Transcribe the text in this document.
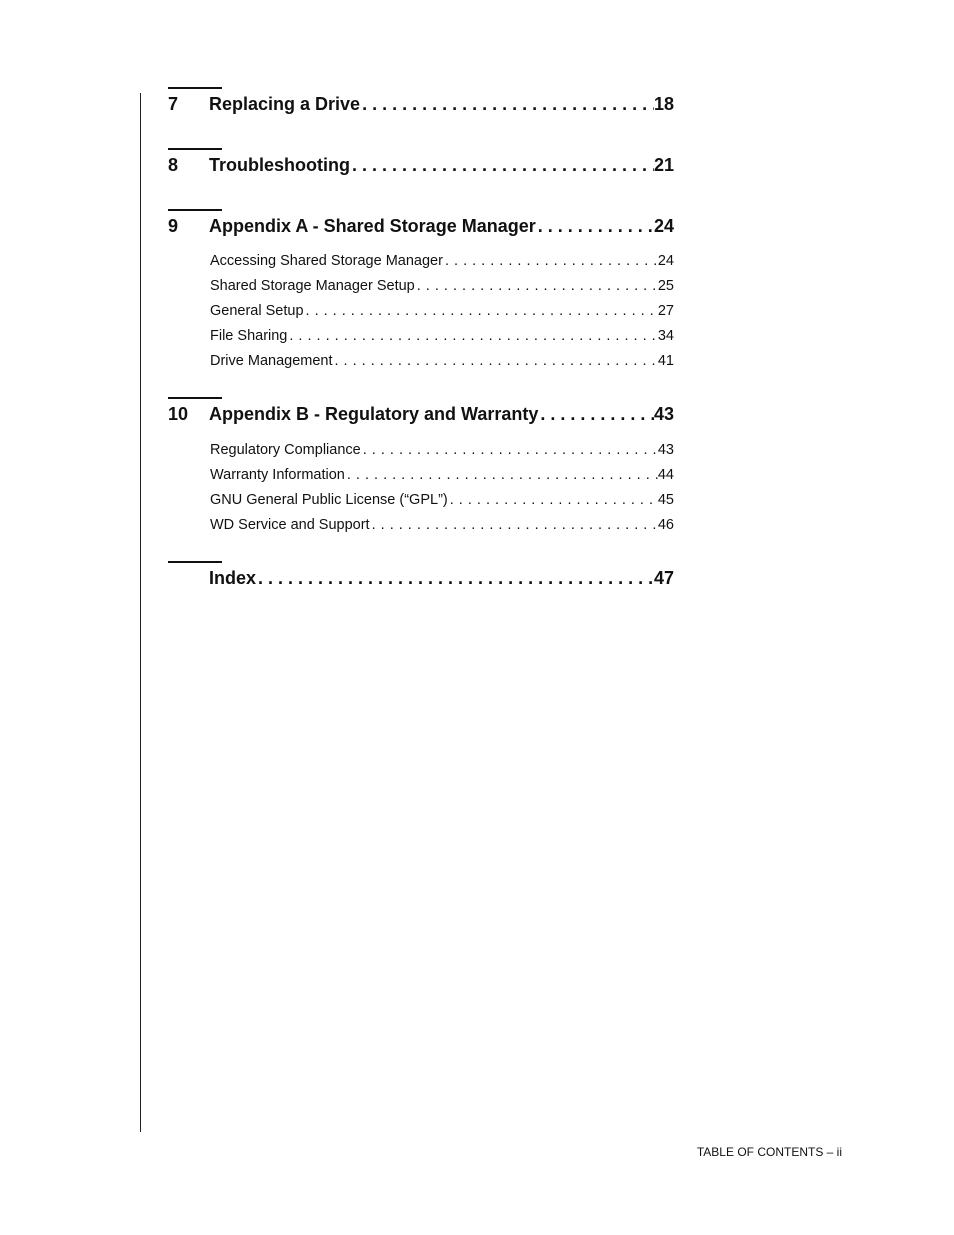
7	Replacing a Drive . . .	18
8	Troubleshooting . . .	21
9	Appendix A - Shared Storage Manager . . .	24
Accessing Shared Storage Manager . . .	24
Shared Storage Manager Setup . . .	25
General Setup . . .	27
File Sharing . . .	34
Drive Management . . .	41
10	Appendix B - Regulatory and Warranty . . .	43
Regulatory Compliance . . .	43
Warranty Information . . .	44
GNU General Public License (“GPL”) . . .	45
WD Service and Support . . .	46
Index . . .	47
TABLE OF CONTENTS – ii
